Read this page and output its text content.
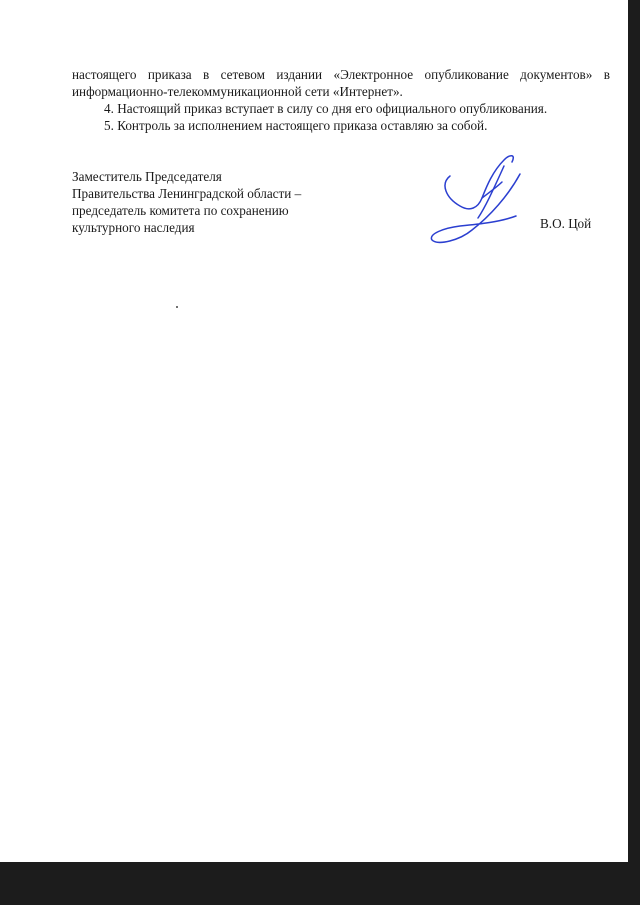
настоящего приказа в сетевом издании «Электронное опубликование документов» в информационно-телекоммуникационной сети «Интернет».

4. Настоящий приказ вступает в силу со дня его официального опубликования.

5. Контроль за исполнением настоящего приказа оставляю за собой.

Заместитель Председателя
Правительства Ленинградской области –
председатель комитета по сохранению
культурного наследия	В.О. Цой
